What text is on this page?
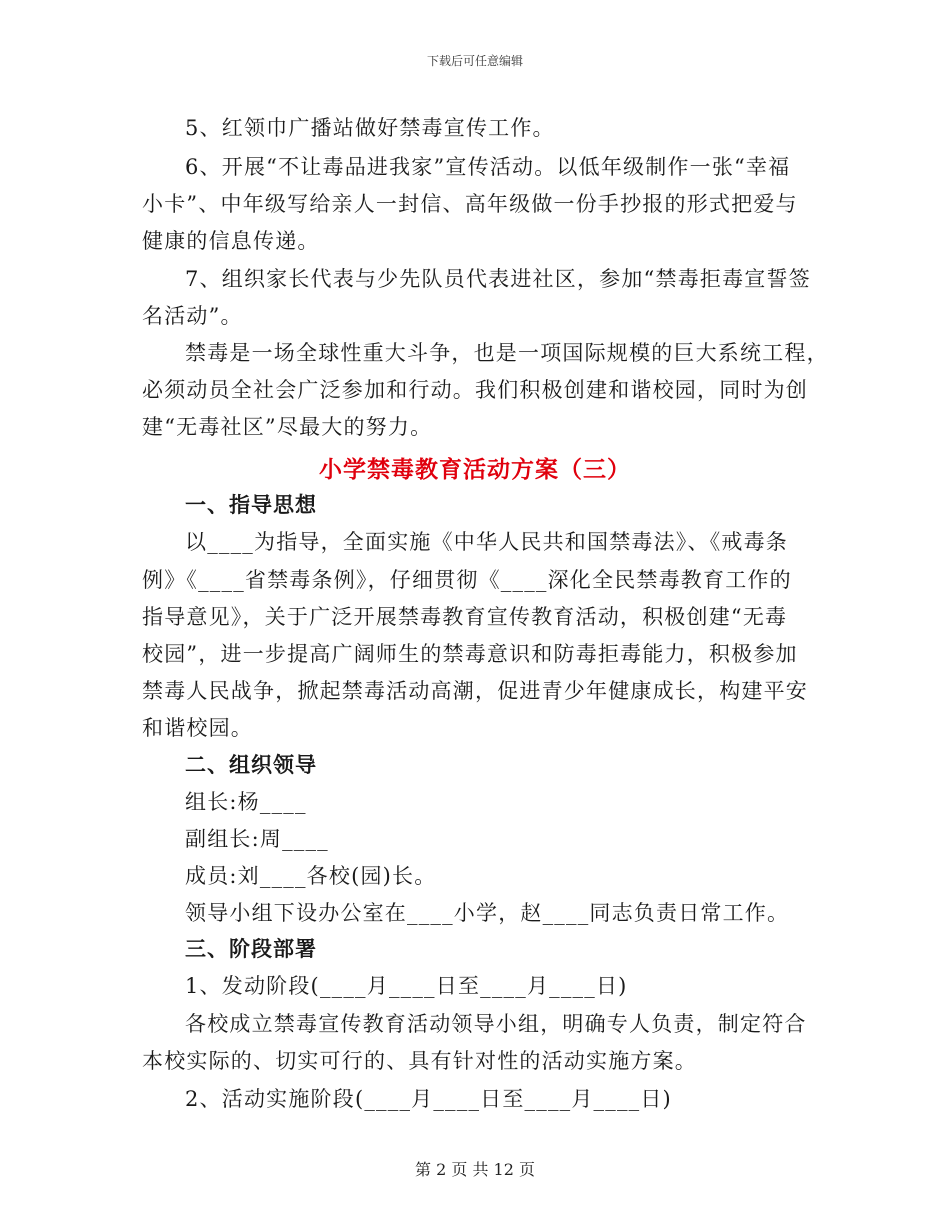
下载后可任意编辑
5、红领巾广播站做好禁毒宣传工作。
6、开展“不让毒品进我家”宣传活动。以低年级制作一张“幸福
小卡”、中年级写给亲人一封信、高年级做一份手抄报的形式把爱与
健康的信息传递。
7、组织家长代表与少先队员代表进社区，参加“禁毒拒毒宣誓签
名活动”。
禁毒是一场全球性重大斗争，也是一项国际规模的巨大系统工程，
必须动员全社会广泛参加和行动。我们积极创建和谐校园，同时为创
建“无毒社区”尽最大的努力。
小学禁毒教育活动方案（三）
一、指导思想
以____为指导，全面实施《中华人民共和国禁毒法》、《戒毒条
例》《____省禁毒条例》，仔细贯彻《____深化全民禁毒教育工作的
指导意见》，关于广泛开展禁毒教育宣传教育活动，积极创建“无毒
校园”，进一步提高广阔师生的禁毒意识和防毒拒毒能力，积极参加
禁毒人民战争，掀起禁毒活动高潮，促进青少年健康成长，构建平安
和谐校园。
二、组织领导
组长:杨____
副组长:周____
成员:刘____各校(园)长。
领导小组下设办公室在____小学，赵____同志负责日常工作。
三、阶段部署
1、发动阶段(____月____日至____月____日)
各校成立禁毒宣传教育活动领导小组，明确专人负责，制定符合
本校实际的、切实可行的、具有针对性的活动实施方案。
2、活动实施阶段(____月____日至____月____日)
第 2 页 共 12 页
